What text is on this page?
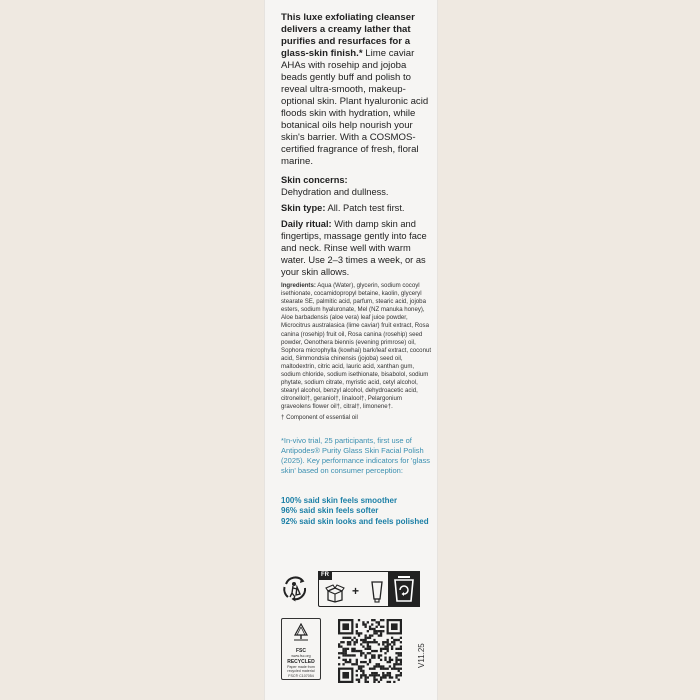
This luxe exfoliating cleanser delivers a creamy lather that purifies and resurfaces for a glass-skin finish.* Lime caviar AHAs with rosehip and jojoba beads gently buff and polish to reveal ultra-smooth, makeup-optional skin. Plant hyaluronic acid floods skin with hydration, while botanical oils help nourish your skin's barrier. With a COSMOS-certified fragrance of fresh, floral marine.

Skin concerns:
Dehydration and dullness.

Skin type: All. Patch test first.

Daily ritual: With damp skin and fingertips, massage gently into face and neck. Rinse well with warm water. Use 2–3 times a week, or as your skin allows.

Ingredients: Aqua (Water), glycerin, sodium cocoyl isethionate, cocamidopropyl betaine, kaolin, glyceryl stearate SE, palmitic acid, parfum, stearic acid, jojoba esters, sodium hyaluronate, Mel (NZ manuka honey), Aloe barbadensis (aloe vera) leaf juice powder, Microcitrus australasica (lime caviar) fruit extract, Rosa canina (rosehip) fruit oil, Rosa canina (rosehip) seed powder, Oenothera biennis (evening primrose) oil, Sophora microphylla (kowhai) bark/leaf extract, coconut acid, Simmondsia chinensis (jojoba) seed oil, maltodextrin, citric acid, lauric acid, xanthan gum, sodium chloride, sodium isethionate, bisabolol, sodium phytate, sodium citrate, myristic acid, cetyl alcohol, stearyl alcohol, benzyl alcohol, dehydroacetic acid, citronellol†, geraniol†, linalool†, Pelargonium graveolens flower oil†, citral†, limonene†.

† Component of essential oil

*In-vivo trial, 25 participants, first use of Antipodes® Purity Glass Skin Facial Polish (2025). Key performance indicators for 'glass skin' based on consumer perception:

100% said skin feels smoother
96% said skin feels softer
92% said skin looks and feels polished
FR
+
FSC
www.fsc.org
RECYCLED
Paper made from recycled material
FSC® C107054
V11.25
